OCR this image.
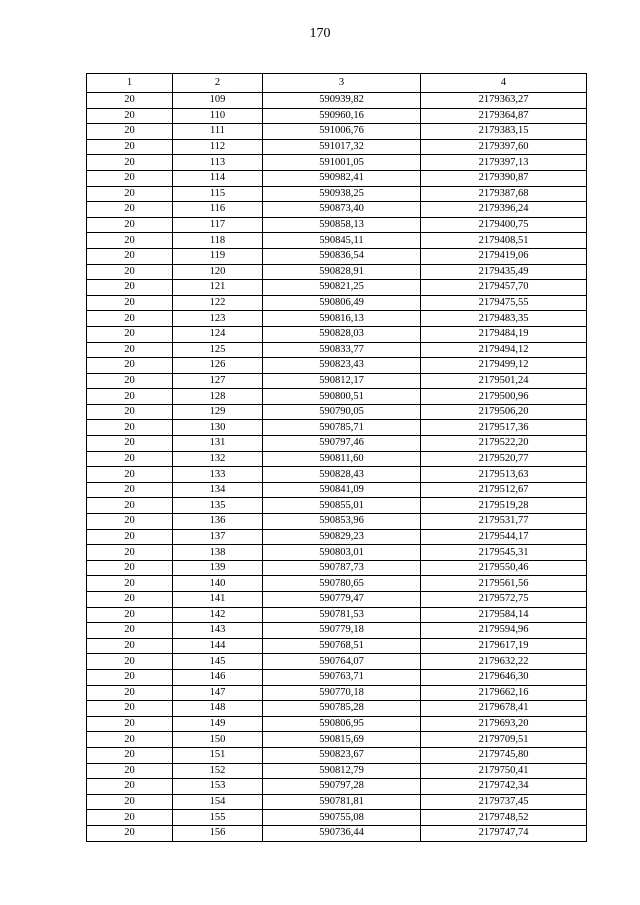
170
1	2	3	4
20	109	590939,82	2179363,27
20	110	590960,16	2179364,87
20	111	591006,76	2179383,15
20	112	591017,32	2179397,60
20	113	591001,05	2179397,13
20	114	590982,41	2179390,87
20	115	590938,25	2179387,68
20	116	590873,40	2179396,24
20	117	590858,13	2179400,75
20	118	590845,11	2179408,51
20	119	590836,54	2179419,06
20	120	590828,91	2179435,49
20	121	590821,25	2179457,70
20	122	590806,49	2179475,55
20	123	590816,13	2179483,35
20	124	590828,03	2179484,19
20	125	590833,77	2179494,12
20	126	590823,43	2179499,12
20	127	590812,17	2179501,24
20	128	590800,51	2179500,96
20	129	590790,05	2179506,20
20	130	590785,71	2179517,36
20	131	590797,46	2179522,20
20	132	590811,60	2179520,77
20	133	590828,43	2179513,63
20	134	590841,09	2179512,67
20	135	590855,01	2179519,28
20	136	590853,96	2179531,77
20	137	590829,23	2179544,17
20	138	590803,01	2179545,31
20	139	590787,73	2179550,46
20	140	590780,65	2179561,56
20	141	590779,47	2179572,75
20	142	590781,53	2179584,14
20	143	590779,18	2179594,96
20	144	590768,51	2179617,19
20	145	590764,07	2179632,22
20	146	590763,71	2179646,30
20	147	590770,18	2179662,16
20	148	590785,28	2179678,41
20	149	590806,95	2179693,20
20	150	590815,69	2179709,51
20	151	590823,67	2179745,80
20	152	590812,79	2179750,41
20	153	590797,28	2179742,34
20	154	590781,81	2179737,45
20	155	590755,08	2179748,52
20	156	590736,44	2179747,74
